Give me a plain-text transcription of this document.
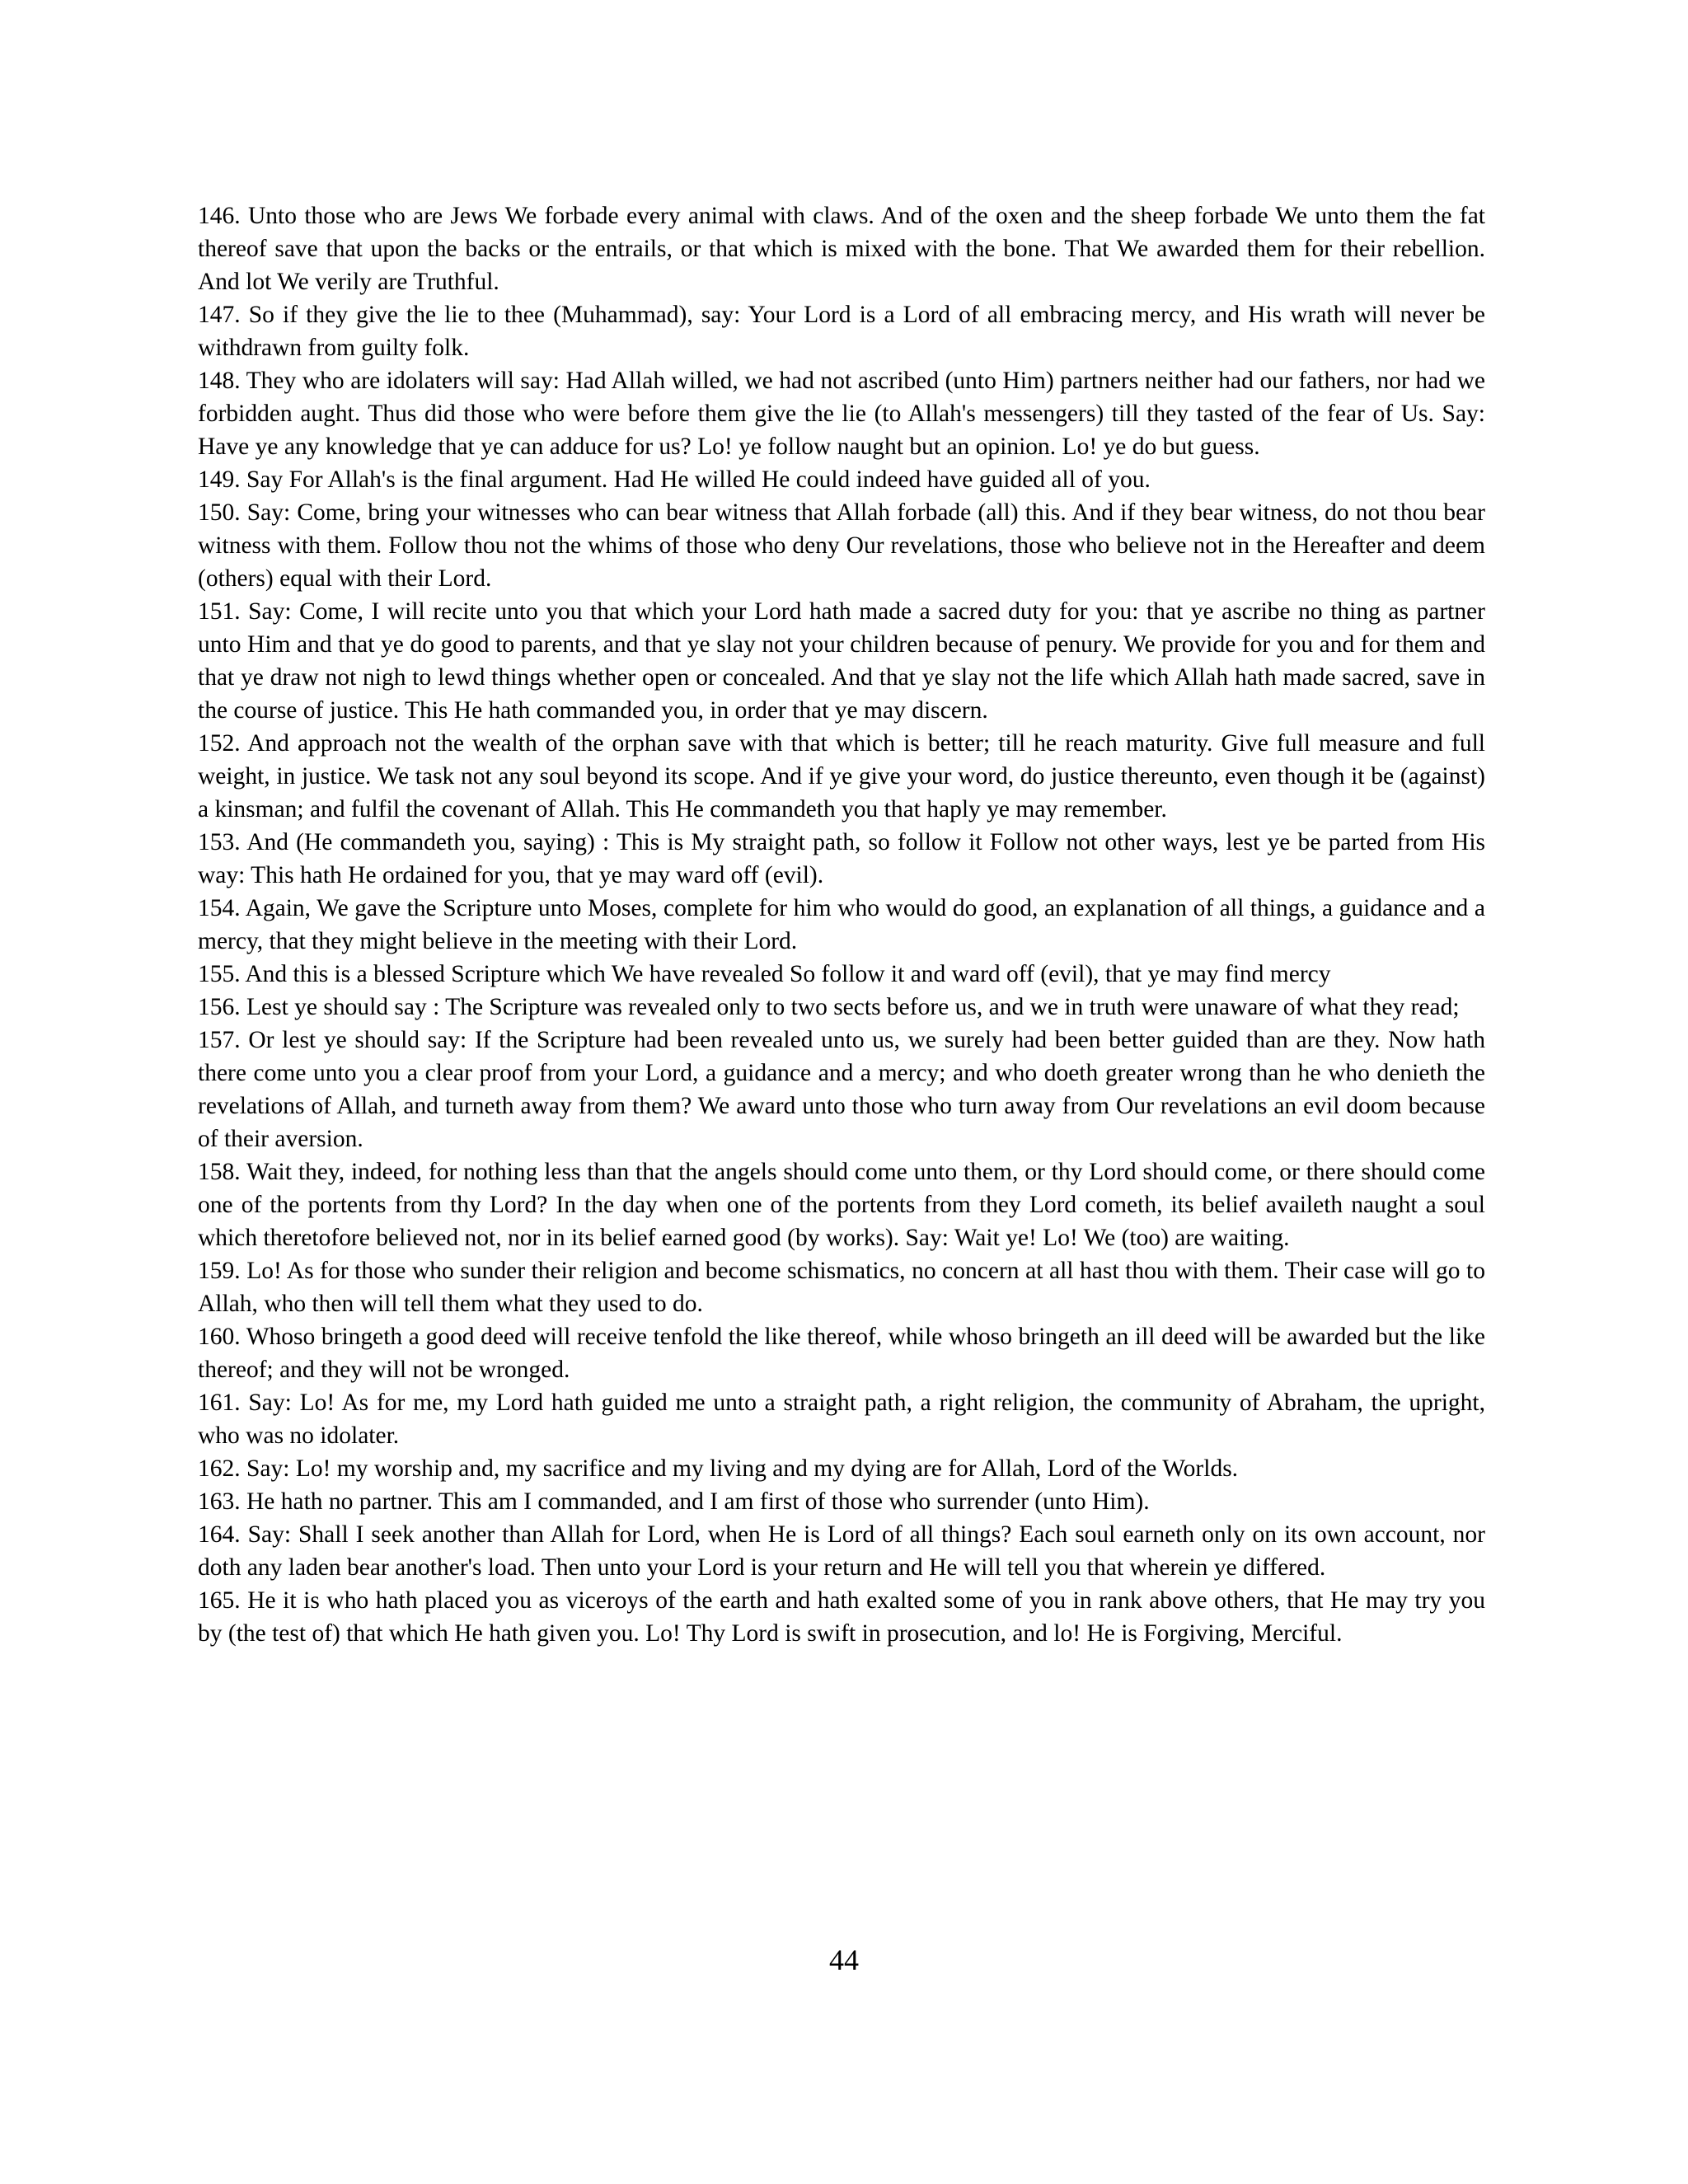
146. Unto those who are Jews We forbade every animal with claws. And of the oxen and the sheep forbade We unto them the fat thereof save that upon the backs or the entrails, or that which is mixed with the bone. That We awarded them for their rebellion. And lot We verily are Truthful.

147. So if they give the lie to thee (Muhammad), say: Your Lord is a Lord of all embracing mercy, and His wrath will never be withdrawn from guilty folk.

148. They who are idolaters will say: Had Allah willed, we had not ascribed (unto Him) partners neither had our fathers, nor had we forbidden aught. Thus did those who were before them give the lie (to Allah's messengers) till they tasted of the fear of Us. Say: Have ye any knowledge that ye can adduce for us? Lo! ye follow naught but an opinion. Lo! ye do but guess.

149. Say For Allah's is the final argument. Had He willed He could indeed have guided all of you.

150. Say: Come, bring your witnesses who can bear witness that Allah forbade (all) this. And if they bear witness, do not thou bear witness with them. Follow thou not the whims of those who deny Our revelations, those who believe not in the Hereafter and deem (others) equal with their Lord.

151. Say: Come, I will recite unto you that which your Lord hath made a sacred duty for you: that ye ascribe no thing as partner unto Him and that ye do good to parents, and that ye slay not your children because of penury. We provide for you and for them and that ye draw not nigh to lewd things whether open or concealed. And that ye slay not the life which Allah hath made sacred, save in the course of justice. This He hath commanded you, in order that ye may discern.

152. And approach not the wealth of the orphan save with that which is better; till he reach maturity. Give full measure and full weight, in justice. We task not any soul beyond its scope. And if ye give your word, do justice thereunto, even though it be (against) a kinsman; and fulfil the covenant of Allah. This He commandeth you that haply ye may remember.

153. And (He commandeth you, saying) : This is My straight path, so follow it Follow not other ways, lest ye be parted from His way: This hath He ordained for you, that ye may ward off (evil).

154. Again, We gave the Scripture unto Moses, complete for him who would do good, an explanation of all things, a guidance and a mercy, that they might believe in the meeting with their Lord.

155. And this is a blessed Scripture which We have revealed So follow it and ward off (evil), that ye may find mercy

156. Lest ye should say : The Scripture was revealed only to two sects before us, and we in truth were unaware of what they read;

157. Or lest ye should say: If the Scripture had been revealed unto us, we surely had been better guided than are they. Now hath there come unto you a clear proof from your Lord, a guidance and a mercy; and who doeth greater wrong than he who denieth the revelations of Allah, and turneth away from them? We award unto those who turn away from Our revelations an evil doom because of their aversion.

158. Wait they, indeed, for nothing less than that the angels should come unto them, or thy Lord should come, or there should come one of the portents from thy Lord? In the day when one of the portents from they Lord cometh, its belief availeth naught a soul which theretofore believed not, nor in its belief earned good (by works). Say: Wait ye! Lo! We (too) are waiting.

159. Lo! As for those who sunder their religion and become schismatics, no concern at all hast thou with them. Their case will go to Allah, who then will tell them what they used to do.

160. Whoso bringeth a good deed will receive tenfold the like thereof, while whoso bringeth an ill deed will be awarded but the like thereof; and they will not be wronged.

161. Say: Lo! As for me, my Lord hath guided me unto a straight path, a right religion, the community of Abraham, the upright, who was no idolater.

162. Say: Lo! my worship and, my sacrifice and my living and my dying are for Allah, Lord of the Worlds.

163. He hath no partner. This am I commanded, and I am first of those who surrender (unto Him).

164. Say: Shall I seek another than Allah for Lord, when He is Lord of all things? Each soul earneth only on its own account, nor doth any laden bear another's load. Then unto your Lord is your return and He will tell you that wherein ye differed.

165. He it is who hath placed you as viceroys of the earth and hath exalted some of you in rank above others, that He may try you by (the test of) that which He hath given you. Lo! Thy Lord is swift in prosecution, and lo! He is Forgiving, Merciful.

44
